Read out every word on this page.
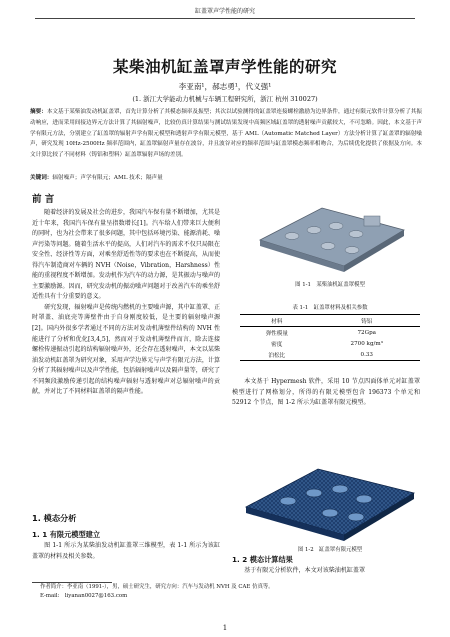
缸盖罩声学性能的研究
某柴油机缸盖罩声学性能的研究
李亚南¹，郝志勇¹，代义强¹
(1. 浙江大学能动力机械与车辆工程研究所，浙江 杭州 310027)
摘要：本文基于某柴油发动机缸盖罩，首先计算分析了其模态频率及振型；其次以试验测得的缸盖罩连接螺栓激励为边界条件，通过有限元软件计算分析了其振动响应，进而采用间接边界元方法计算了其辐射噪声，比较仿真计算结果与测试结果发现中高频区域缸盖罩的透射噪声贡献较大，不可忽略。因此，本文基于声学有限元方法，分别建立了缸盖罩的辐射声学有限元模型和透射声学有限元模型，基于 AML（Automatic Matched Layer）方法分析计算了缸盖罩的辐射噪声，研究发现 10Hz-2500Hz 频率范围内，缸盖罩辐射声量存在波谷，并且波谷对应的频率范围与缸盖罩模态频率相吻合，为后续优化提供了依据及方向。本文计算比较了不同材料（铸铝和塑料）缸盖罩辐射声场的差别。
关键词：辐射噪声；声学有限元；AML 技术；隔声量
前 言

随着经济的发展及社会的进步，我国汽车保有量不断增加，尤其是近十年来，我国汽车保有量呈指数增长[1]。汽车给人们带来巨大便利的同时，也为社会带来了很多问题，其中包括环境污染、能源消耗、噪声污染等问题。随着生活水平的提高，人们对汽车的需求不仅只局限在安全性、经济性等方面，对乘坐舒适性等的要求也在不断提高，从而使得汽车制造商对车辆的 NVH（Noise，Vibration，Harshness）性能的重视程度不断增加。发动机作为汽车的动力源，是其振动与噪声的主要激励源。因而，研究发动机的振动噪声问题对于改善汽车的乘坐舒适性具有十分重要的意义。

研究发现，辐射噪声是传统内燃机的主要噪声源，其中缸盖罩、正时罩盖、油底壳等薄壁件由于自身刚度较低，是主要的辐射噪声源[2]。国内外很多学者通过不同的方法对发动机薄壁件结构的 NVH 性能进行了分析和优化[3,4,5]，然而对于发动机薄壁件而言，除去连接螺栓传递振动引起的结构辐射噪声外，还会存在透射噪声，本文以某柴油发动机缸盖罩为研究对象，采用声学边界元与声学有限元方法，计算分析了其辐射噪声以及声学性能，包括辐射噪声以及隔声量等，研究了不同频段激励传递引起的结构噪声辐射与透射噪声对总辐射噪声的贡献，并对比了不同材料缸盖罩的隔声性能。

1. 模态分析
1. 1 有限元模型建立

图 1-1 所示为某柴油发动机缸盖罩三维模型，表 1-1 所示为该缸盖罩的材料及相关参数。

图 1-1　某柴油机缸盖罩模型
表 1-1　缸盖罩材料及相关参数
材料	铸铝
弹性模量	72Gpa
密度	2700 kg/m³
泊松比	0.33

本文基于 Hypermesh 软件，采用 10 节点四面体单元对缸盖罩模型进行了网格划分，所得的有限元模型包含 196373 个单元和 52912 个节点，图 1-2 所示为缸盖罩有限元模型。

图 1-2　缸盖罩有限元模型
1. 2 模态计算结果

基于有限元分析软件，本文对该柴油机缸盖罩

作者简介：李亚南（1991-），男，硕士研究生，研究方向：汽车与发动机 NVH 及 CAE 仿真等。
E-mail:　liyanan0027@163.com
1
